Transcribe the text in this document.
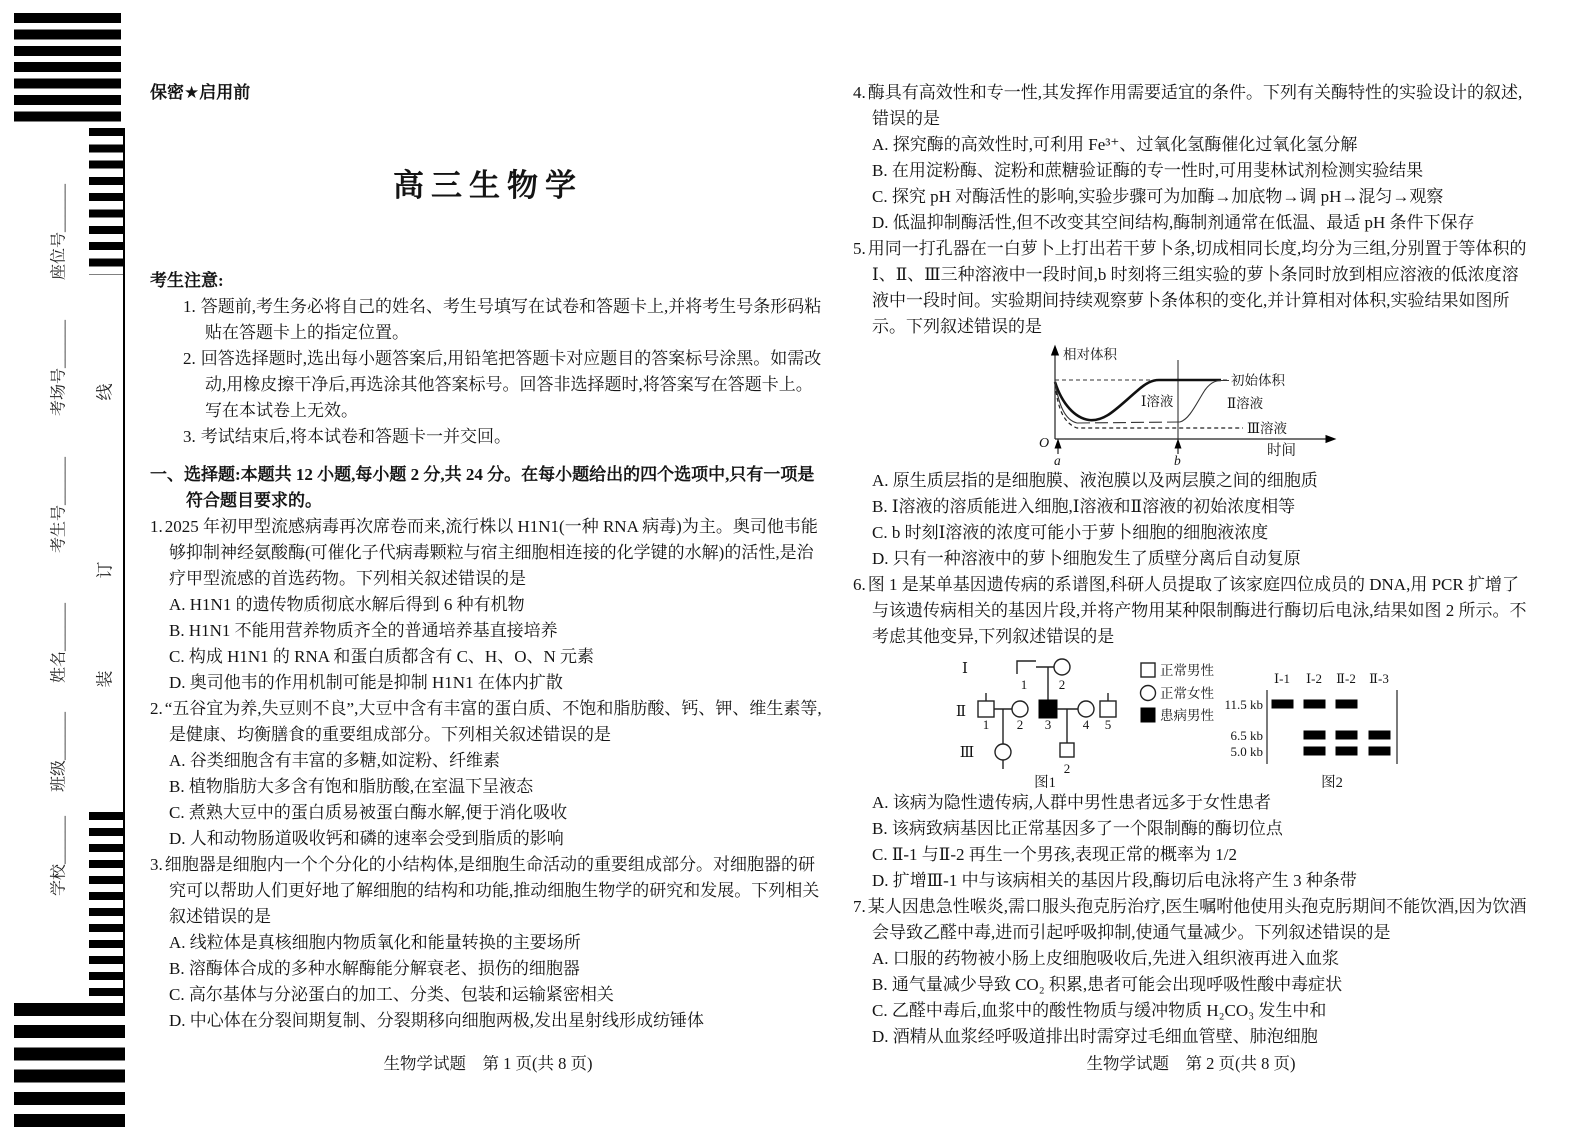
座位号______
考场号______
考生号______
姓名______
班级______
学校______
线
订
装
保密★启用前
高三生物学
考生注意:
1. 答题前,考生务必将自己的姓名、考生号填写在试卷和答题卡上,并将考生号条形码粘贴在答题卡上的指定位置。
2. 回答选择题时,选出每小题答案后,用铅笔把答题卡对应题目的答案标号涂黑。如需改动,用橡皮擦干净后,再选涂其他答案标号。回答非选择题时,将答案写在答题卡上。写在本试卷上无效。
3. 考试结束后,将本试卷和答题卡一并交回。
一、选择题:本题共 12 小题,每小题 2 分,共 24 分。在每小题给出的四个选项中,只有一项是符合题目要求的。
1. 2025 年初甲型流感病毒再次席卷而来,流行株以 H1N1(一种 RNA 病毒)为主。奥司他韦能够抑制神经氨酸酶(可催化子代病毒颗粒与宿主细胞相连接的化学键的水解)的活性,是治疗甲型流感的首选药物。下列相关叙述错误的是
A. H1N1 的遗传物质彻底水解后得到 6 种有机物
B. H1N1 不能用营养物质齐全的普通培养基直接培养
C. 构成 H1N1 的 RNA 和蛋白质都含有 C、H、O、N 元素
D. 奥司他韦的作用机制可能是抑制 H1N1 在体内扩散
2. “五谷宜为养,失豆则不良”,大豆中含有丰富的蛋白质、不饱和脂肪酸、钙、钾、维生素等,是健康、均衡膳食的重要组成部分。下列相关叙述错误的是
A. 谷类细胞含有丰富的多糖,如淀粉、纤维素
B. 植物脂肪大多含有饱和脂肪酸,在室温下呈液态
C. 煮熟大豆中的蛋白质易被蛋白酶水解,便于消化吸收
D. 人和动物肠道吸收钙和磷的速率会受到脂质的影响
3. 细胞器是细胞内一个个分化的小结构体,是细胞生命活动的重要组成部分。对细胞器的研究可以帮助人们更好地了解细胞的结构和功能,推动细胞生物学的研究和发展。下列相关叙述错误的是
A. 线粒体是真核细胞内物质氧化和能量转换的主要场所
B. 溶酶体合成的多种水解酶能分解衰老、损伤的细胞器
C. 高尔基体与分泌蛋白的加工、分类、包装和运输紧密相关
D. 中心体在分裂间期复制、分裂期移向细胞两极,发出星射线形成纺锤体
生物学试题　第 1 页(共 8 页)
4. 酶具有高效性和专一性,其发挥作用需要适宜的条件。下列有关酶特性的实验设计的叙述,错误的是
A. 探究酶的高效性时,可利用 Fe³⁺、过氧化氢酶催化过氧化氢分解
B. 在用淀粉酶、淀粉和蔗糖验证酶的专一性时,可用斐林试剂检测实验结果
C. 探究 pH 对酶活性的影响,实验步骤可为加酶→加底物→调 pH→混匀→观察
D. 低温抑制酶活性,但不改变其空间结构,酶制剂通常在低温、最适 pH 条件下保存
5. 用同一打孔器在一白萝卜上打出若干萝卜条,切成相同长度,均分为三组,分别置于等体积的Ⅰ、Ⅱ、Ⅲ三种溶液中一段时间,b 时刻将三组实验的萝卜条同时放到相应溶液的低浓度溶液中一段时间。实验期间持续观察萝卜条体积的变化,并计算相对体积,实验结果如图所示。下列叙述错误的是
相对体积
时间
O
初始体积
Ⅰ溶液	Ⅱ溶液
Ⅲ溶液
a	b
A. 原生质层指的是细胞膜、液泡膜以及两层膜之间的细胞质
B. Ⅰ溶液的溶质能进入细胞,Ⅰ溶液和Ⅱ溶液的初始浓度相等
C. b 时刻Ⅰ溶液的浓度可能小于萝卜细胞的细胞液浓度
D. 只有一种溶液中的萝卜细胞发生了质壁分离后自动复原
6. 图 1 是某单基因遗传病的系谱图,科研人员提取了该家庭四位成员的 DNA,用 PCR 扩增了与该遗传病相关的基因片段,并将产物用某种限制酶进行酶切后电泳,结果如图 2 所示。不考虑其他变异,下列叙述错误的是
Ⅰ
Ⅱ
Ⅲ
1 2
1 2 3 4 5
2
图1
正常男性
正常女性
患病男性
Ⅰ-1 Ⅰ-2 Ⅱ-2 Ⅱ-3
11.5 kb
6.5 kb
5.0 kb
图2
A. 该病为隐性遗传病,人群中男性患者远多于女性患者
B. 该病致病基因比正常基因多了一个限制酶的酶切位点
C. Ⅱ-1 与Ⅱ-2 再生一个男孩,表现正常的概率为 1/2
D. 扩增Ⅲ-1 中与该病相关的基因片段,酶切后电泳将产生 3 种条带
7. 某人因患急性喉炎,需口服头孢克肟治疗,医生嘱咐他使用头孢克肟期间不能饮酒,因为饮酒会导致乙醛中毒,进而引起呼吸抑制,使通气量减少。下列叙述错误的是
A. 口服的药物被小肠上皮细胞吸收后,先进入组织液再进入血浆
B. 通气量减少导致 CO₂ 积累,患者可能会出现呼吸性酸中毒症状
C. 乙醛中毒后,血浆中的酸性物质与缓冲物质 H₂CO₃ 发生中和
D. 酒精从血浆经呼吸道排出时需穿过毛细血管壁、肺泡细胞
生物学试题　第 2 页(共 8 页)
